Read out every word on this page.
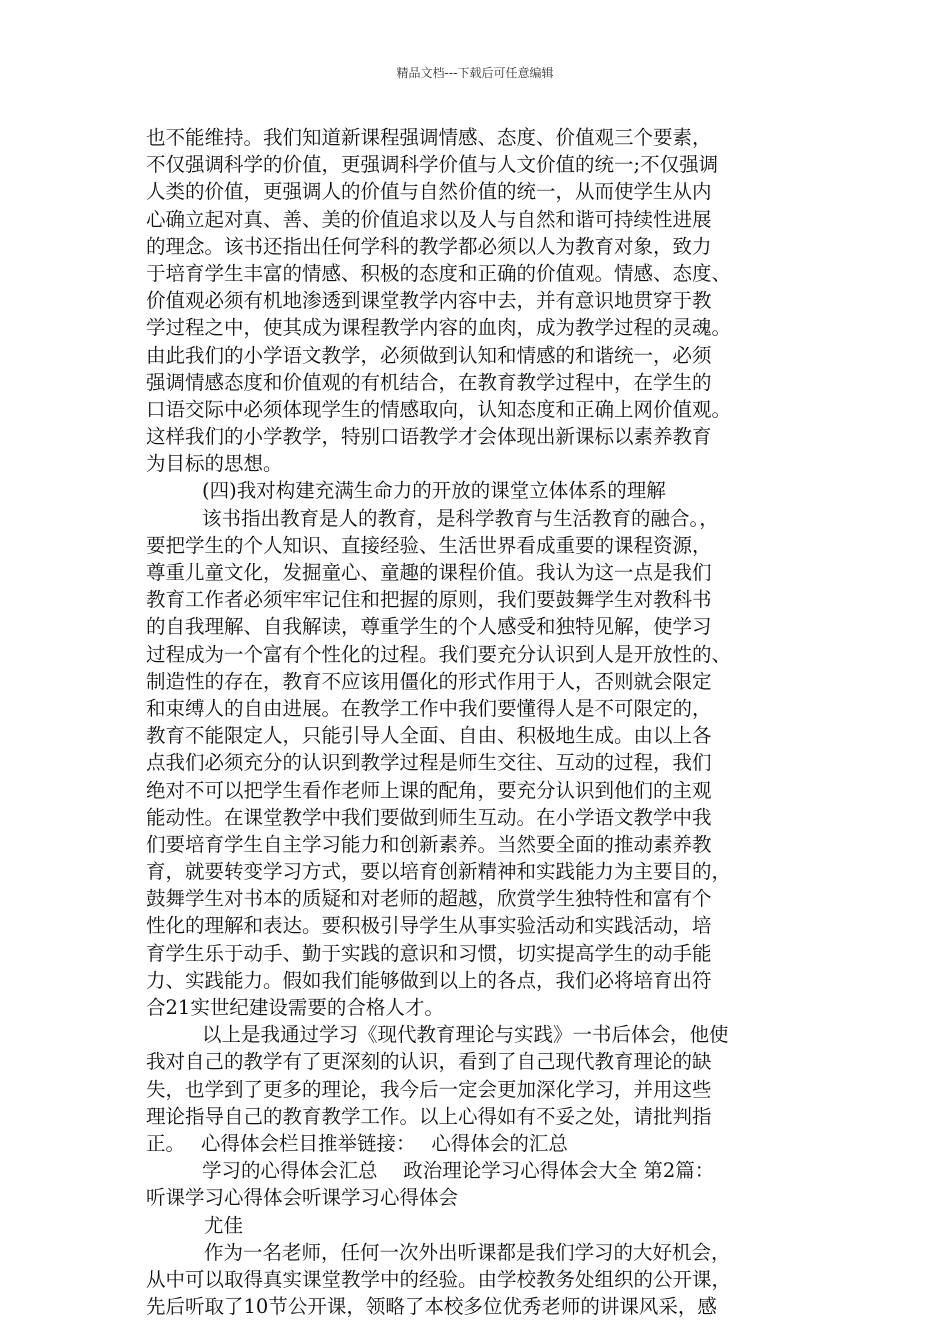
精品文档---下载后可任意编辑
也不能维持。我们知道新课程强调情感、态度、价值观三个要素，
不仅强调科学的价值，更强调科学价值与人文价值的统一;不仅强调
人类的价值，更强调人的价值与自然价值的统一，从而使学生从内
心确立起对真、善、美的价值追求以及人与自然和谐可持续性进展
的理念。该书还指出任何学科的教学都必须以人为教育对象，致力
于培育学生丰富的情感、积极的态度和正确的价值观。情感、态度、
价值观必须有机地渗透到课堂教学内容中去，并有意识地贯穿于教
学过程之中，使其成为课程教学内容的血肉，成为教学过程的灵魂。
由此我们的小学语文教学，必须做到认知和情感的和谐统一，必须
强调情感态度和价值观的有机结合，在教育教学过程中，在学生的
口语交际中必须体现学生的情感取向，认知态度和正确上网价值观。
这样我们的小学教学，特别口语教学才会体现出新课标以素养教育
为目标的思想。
(四)我对构建充满生命力的开放的课堂立体体系的理解
该书指出教育是人的教育，是科学教育与生活教育的融合。，
要把学生的个人知识、直接经验、生活世界看成重要的课程资源，
尊重儿童文化，发掘童心、童趣的课程价值。我认为这一点是我们
教育工作者必须牢牢记住和把握的原则，我们要鼓舞学生对教科书
的自我理解、自我解读，尊重学生的个人感受和独特见解，使学习
过程成为一个富有个性化的过程。我们要充分认识到人是开放性的、
制造性的存在，教育不应该用僵化的形式作用于人，否则就会限定
和束缚人的自由进展。在教学工作中我们要懂得人是不可限定的，
教育不能限定人，只能引导人全面、自由、积极地生成。由以上各
点我们必须充分的认识到教学过程是师生交往、互动的过程，我们
绝对不可以把学生看作老师上课的配角，要充分认识到他们的主观
能动性。在课堂教学中我们要做到师生互动。在小学语文教学中我
们要培育学生自主学习能力和创新素养。当然要全面的推动素养教
育，就要转变学习方式，要以培育创新精神和实践能力为主要目的，
鼓舞学生对书本的质疑和对老师的超越，欣赏学生独特性和富有个
性化的理解和表达。要积极引导学生从事实验活动和实践活动，培
育学生乐于动手、勤于实践的意识和习惯，切实提高学生的动手能
力、实践能力。假如我们能够做到以上的各点，我们必将培育出符
合21实世纪建设需要的合格人才。
以上是我通过学习《现代教育理论与实践》一书后体会，他使
我对自己的教学有了更深刻的认识，看到了自己现代教育理论的缺
失，也学到了更多的理论，我今后一定会更加深化学习，并用这些
理论指导自己的教育教学工作。以上心得如有不妥之处，请批判指
正。　 心得体会栏目推举链接：　 心得体会的汇总
学习的心得体会汇总　 政治理论学习心得体会大全 第2篇：
听课学习心得体会听课学习心得体会
尤佳
作为一名老师，任何一次外出听课都是我们学习的大好机会，
从中可以取得真实课堂教学中的经验。由学校教务处组织的公开课，
先后听取了10节公开课，领略了本校多位优秀老师的讲课风采，感
